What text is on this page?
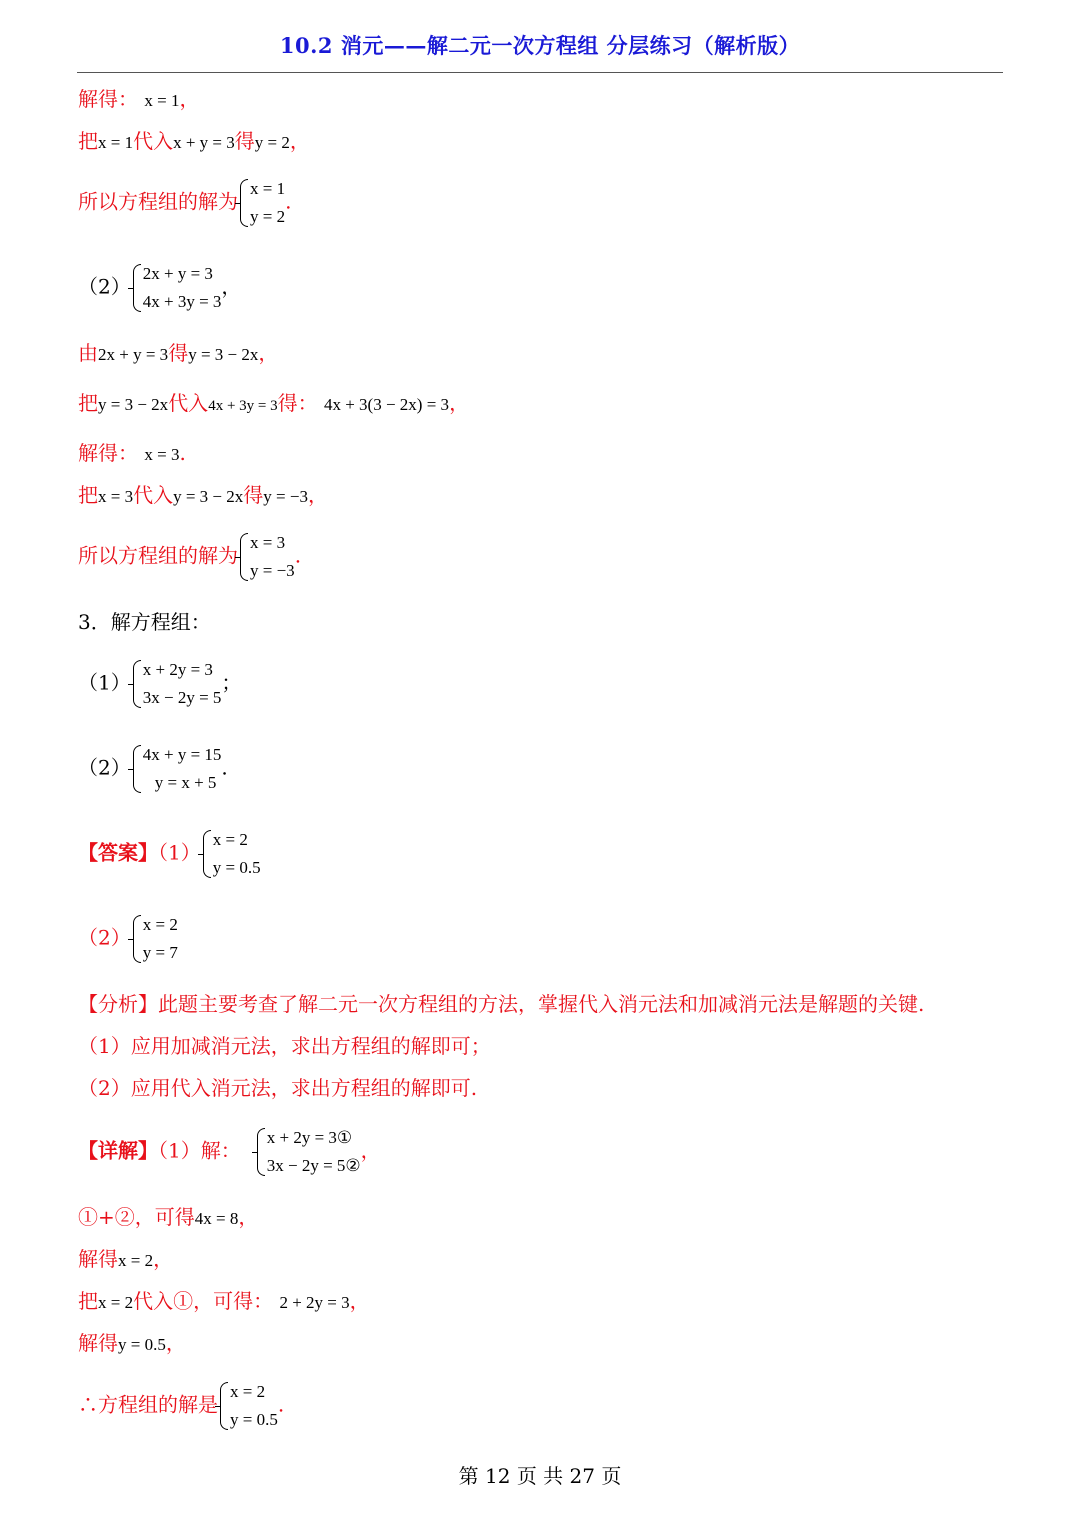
10.2 消元——解二元一次方程组 分层练习（解析版）
解得： x = 1，
把x = 1代入x + y = 3得y = 2，
所以方程组的解为
x = 1
y = 2
.
（2）
2x + y = 3
4x + 3y = 3
，
由2x + y = 3得y = 3 − 2x，
把y = 3 − 2x代入4x + 3y = 3得： 4x + 3(3 − 2x) = 3，
解得： x = 3.
把x = 3代入y = 3 − 2x得y = −3，
所以方程组的解为
x = 3
y = −3
.
3．解方程组：
（1）
x + 2y = 3
3x − 2y = 5
；
（2）
4x + y = 15
y = x + 5
.
【答案】（1）
x = 2
y = 0.5
（2）
x = 2
y = 7
【分析】此题主要考查了解二元一次方程组的方法，掌握代入消元法和加减消元法是解题的关键.
（1）应用加减消元法，求出方程组的解即可；
（2）应用代入消元法，求出方程组的解即可.
【详解】（1）解：
x + 2y = 3①
3x − 2y = 5②
，
①+②，可得4x = 8，
解得x = 2，
把x = 2代入①，可得： 2 + 2y = 3，
解得y = 0.5，
∴方程组的解是
x = 2
y = 0.5
.
第 12 页 共 27 页
